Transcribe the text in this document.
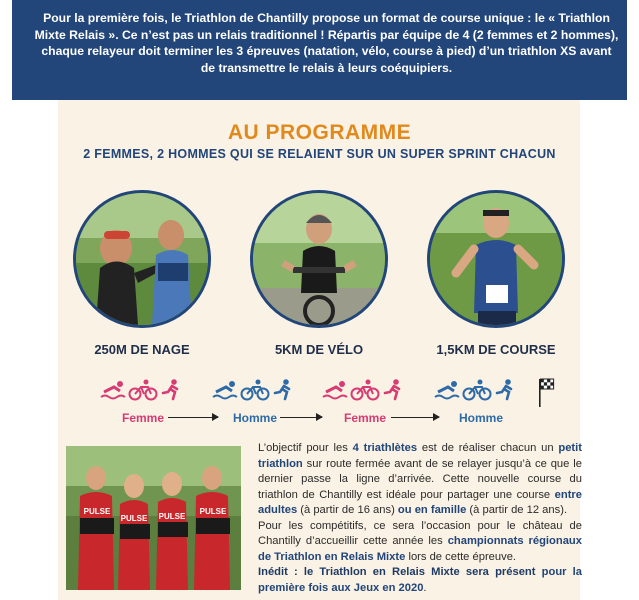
Pour la première fois, le Triathlon de Chantilly propose un format de course unique : le « Triathlon Mixte Relais ». Ce n’est pas un relais traditionnel ! Répartis par équipe de 4 (2 femmes et 2 hommes), chaque relayeur doit terminer les 3 épreuves (natation, vélo, course à pied) d’un triathlon XS avant de transmettre le relais à leurs coéquipiers.
AU PROGRAMME
2 FEMMES, 2 HOMMES QUI SE RELAIENT SUR UN SUPER SPRINT CHACUN
250M DE NAGE	5KM DE VÉLO	1,5KM DE COURSE
Femme	Homme	Femme	Homme
PULSE
PULSE PULSE
PULSE

L’objectif pour les 4 triathlètes est de réaliser chacun un petit triathlon sur route fermée avant de se relayer jusqu’à ce que le dernier passe la ligne d’arrivée. Cette nouvelle course du triathlon de Chantilly est idéale pour partager une course entre adultes (à partir de 16 ans) ou en famille (à partir de 12 ans).

Pour les compétitifs, ce sera l’occasion pour le château de Chantilly d’accueillir cette année les championnats régionaux de Triathlon en Relais Mixte lors de cette épreuve.

Inédit : le Triathlon en Relais Mixte sera présent pour la première fois aux Jeux en 2020.
